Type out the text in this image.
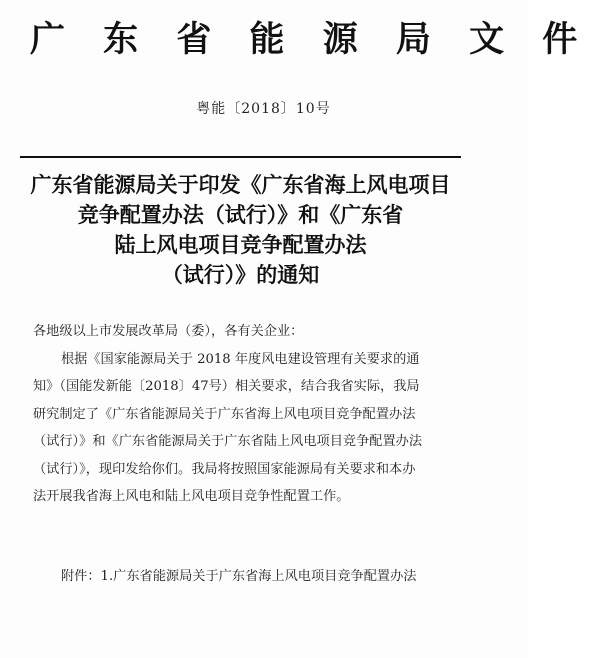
广 东 省 能 源 局 文 件
粤能〔2018〕10号
广东省能源局关于印发《广东省海上风电项目
竞争配置办法（试行）》和《广东省
陆上风电项目竞争配置办法
（试行）》的通知
各地级以上市发展改革局（委），各有关企业：
根据《国家能源局关于 2018 年度风电建设管理有关要求的通
知》（国能发新能〔2018〕47号）相关要求，结合我省实际，我局
研究制定了《广东省能源局关于广东省海上风电项目竞争配置办法
（试行）》和《广东省能源局关于广东省陆上风电项目竞争配置办法
（试行）》，现印发给你们。我局将按照国家能源局有关要求和本办
法开展我省海上风电和陆上风电项目竞争性配置工作。
附件：1.广东省能源局关于广东省海上风电项目竞争配置办法
